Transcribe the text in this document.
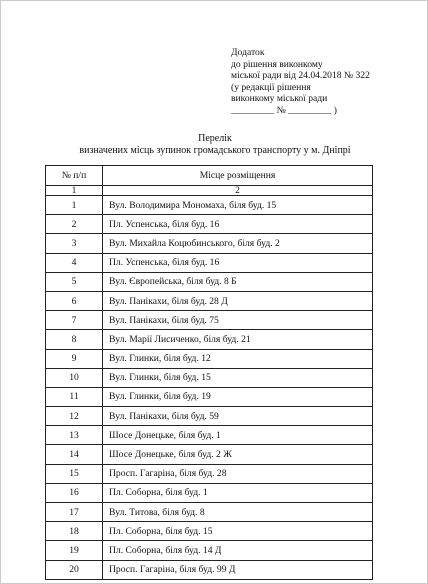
Додаток
до рішення виконкому
міської ради від 24.04.2018 № 322
(у редакції рішення
виконкому міської ради
_________ № _________ )
Перелік
визначених місць зупинок громадського транспорту у м. Дніпрі
№ п/п	Місце розміщення
1	2
1	Вул. Володимира Мономаха, біля буд. 15
2	Пл. Успенська, біля буд. 16
3	Вул. Михайла Коцюбинського, біля буд. 2
4	Пл. Успенська, біля буд. 16
5	Вул. Європейська, біля буд. 8 Б
6	Вул. Панікахи, біля буд. 28 Д
7	Вул. Панікахи, біля буд. 75
8	Вул. Марії Лисиченко, біля буд. 21
9	Вул. Глинки, біля буд. 12
10	Вул. Глинки, біля буд. 15
11	Вул. Глинки, біля буд. 19
12	Вул. Панікахи, біля буд. 59
13	Шосе Донецьке, біля буд. 1
14	Шосе Донецьке, біля буд. 2 Ж
15	Просп. Гагаріна, біля буд. 28
16	Пл. Соборна, біля буд. 1
17	Вул. Титова, біля буд. 8
18	Пл. Соборна, біля буд. 15
19	Пл. Соборна, біля буд. 14 Д
20	Просп. Гагаріна, біля буд. 99 Д
